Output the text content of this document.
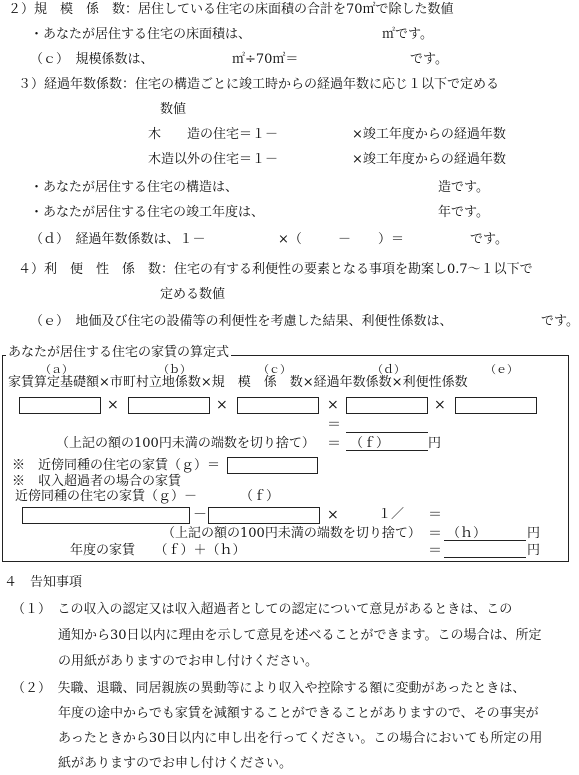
２）規　模　係　数：居住している住宅の床面積の合計を70㎡で除した数値
・あなたが居住する住宅の床面積は、	㎡です。
（ｃ）　規模係数は、	㎡÷70㎡＝	です。
３）経過年数係数：住宅の構造ごとに竣工時からの経過年数に応じ１以下で定める
数値
木　　造の住宅＝１－	×竣工年度からの経過年数
木造以外の住宅＝１－	×竣工年度からの経過年数
・あなたが居住する住宅の構造は、	造です。
・あなたが居住する住宅の竣工年度は、	年です。
（ｄ）　経過年数係数は、１－	×（	－ ）＝	です。
４）利　便　性　係　数：住宅の有する利便性の要素となる事項を勘案し0.7～１以下で
定める数値
（ｅ）　地価及び住宅の設備等の利便性を考慮した結果、利便性係数は、	です。
あなたが居住する住宅の家賃の算定式
（ａ）	（ｂ）	（ｃ）	（ｄ）	（ｅ）
家賃算定基礎額×市町村立地係数×規　模　係　数×経過年数係数×利便性係数
×	×	×	×
＝
（上記の額の100円未満の端数を切り捨て） ＝ （ｆ）	円
※　近傍同種の住宅の家賃（ｇ）＝
※　収入超過者の場合の家賃
近傍同種の住宅の家賃（ｇ）－	（ｆ）
－	×	１／ ＝
（上記の額の100円未満の端数を切り捨て） ＝ （ｈ）	円
年度の家賃　　（ｆ）＋（ｈ）	＝	円
４　告知事項
（１）　この収入の認定又は収入超過者としての認定について意見があるときは、この
通知から30日以内に理由を示して意見を述べることができます。この場合は、所定
の用紙がありますのでお申し付けください。
（２）　失職、退職、同居親族の異動等により収入や控除する額に変動があったときは、
年度の途中からでも家賃を減額することができることがありますので、その事実が
あったときから30日以内に申し出を行ってください。この場合においても所定の用
紙がありますのでお申し付けください。
